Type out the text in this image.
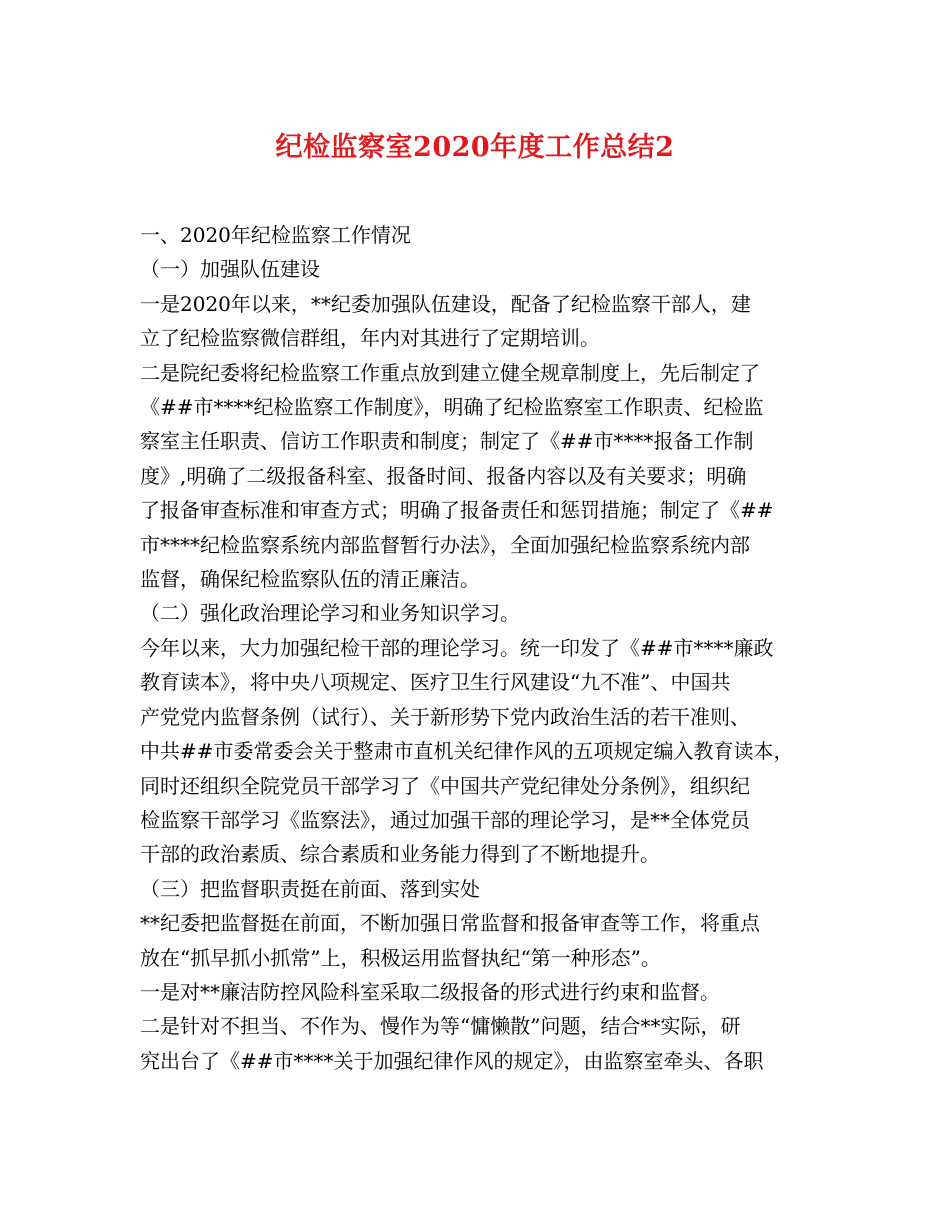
纪检监察室2020年度工作总结2
一、2020年纪检监察工作情况
（一）加强队伍建设
一是2020年以来，**纪委加强队伍建设，配备了纪检监察干部人，建
立了纪检监察微信群组，年内对其进行了定期培训。
二是院纪委将纪检监察工作重点放到建立健全规章制度上，先后制定了
《##市****纪检监察工作制度》，明确了纪检监察室工作职责、纪检监
察室主任职责、信访工作职责和制度；制定了《##市****报备工作制
度》,明确了二级报备科室、报备时间、报备内容以及有关要求；明确
了报备审查标准和审查方式；明确了报备责任和惩罚措施；制定了《##
市****纪检监察系统内部监督暂行办法》，全面加强纪检监察系统内部
监督，确保纪检监察队伍的清正廉洁。
（二）强化政治理论学习和业务知识学习。
今年以来，大力加强纪检干部的理论学习。统一印发了《##市****廉政
教育读本》，将中央八项规定、医疗卫生行风建设“九不准”、中国共
产党党内监督条例（试行）、关于新形势下党内政治生活的若干准则、
中共##市委常委会关于整肃市直机关纪律作风的五项规定编入教育读本，
同时还组织全院党员干部学习了《中国共产党纪律处分条例》，组织纪
检监察干部学习《监察法》，通过加强干部的理论学习，是**全体党员
干部的政治素质、综合素质和业务能力得到了不断地提升。
（三）把监督职责挺在前面、落到实处
**纪委把监督挺在前面，不断加强日常监督和报备审查等工作，将重点
放在“抓早抓小抓常”上，积极运用监督执纪“第一种形态”。
一是对**廉洁防控风险科室采取二级报备的形式进行约束和监督。
二是针对不担当、不作为、慢作为等“慵懒散”问题，结合**实际，研
究出台了《##市****关于加强纪律作风的规定》，由监察室牵头、各职
